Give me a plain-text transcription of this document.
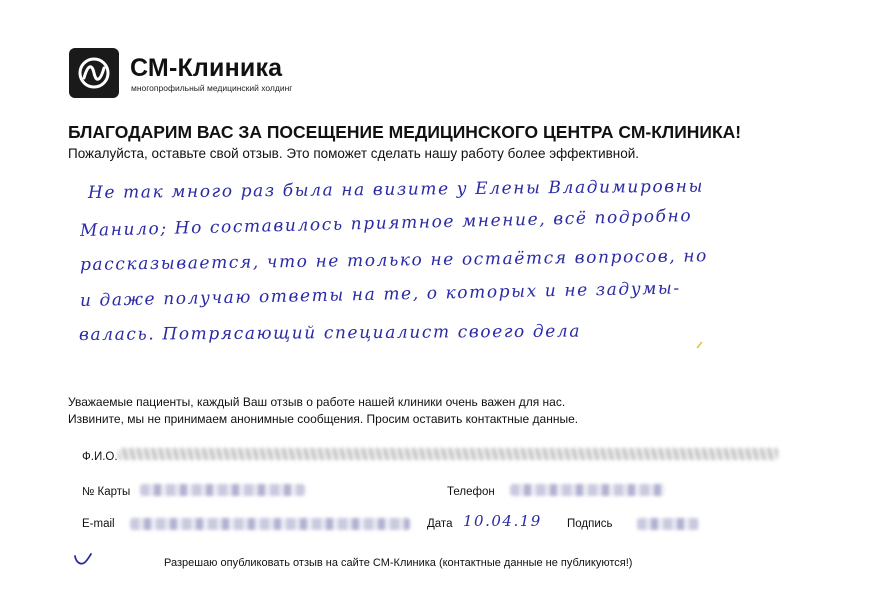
СМ-Клиника
многопрофильный медицинский холдинг
БЛАГОДАРИМ ВАС ЗА ПОСЕЩЕНИЕ МЕДИЦИНСКОГО ЦЕНТРА СМ-КЛИНИКА!
Пожалуйста, оставьте свой отзыв. Это поможет сделать нашу работу более эффективной.

Не так много раз была на визите у Елены Владимировны

Манило; Но составилось приятное мнение, всё подробно

рассказывается, что не только не остаётся вопросов, но

и даже получаю ответы на те, о которых и не задумы-

валась. Потрясающий специалист своего дела

Уважаемые пациенты, каждый Ваш отзыв о работе нашей клиники очень важен для нас.
Извините, мы не принимаем анонимные сообщения. Просим оставить контактные данные.
Ф.И.О.
№ Карты	Телефон
E-mail	Дата 10.04.19 Подпись
Разрешаю опубликовать отзыв на сайте СМ-Клиника (контактные данные не публикуются!)
